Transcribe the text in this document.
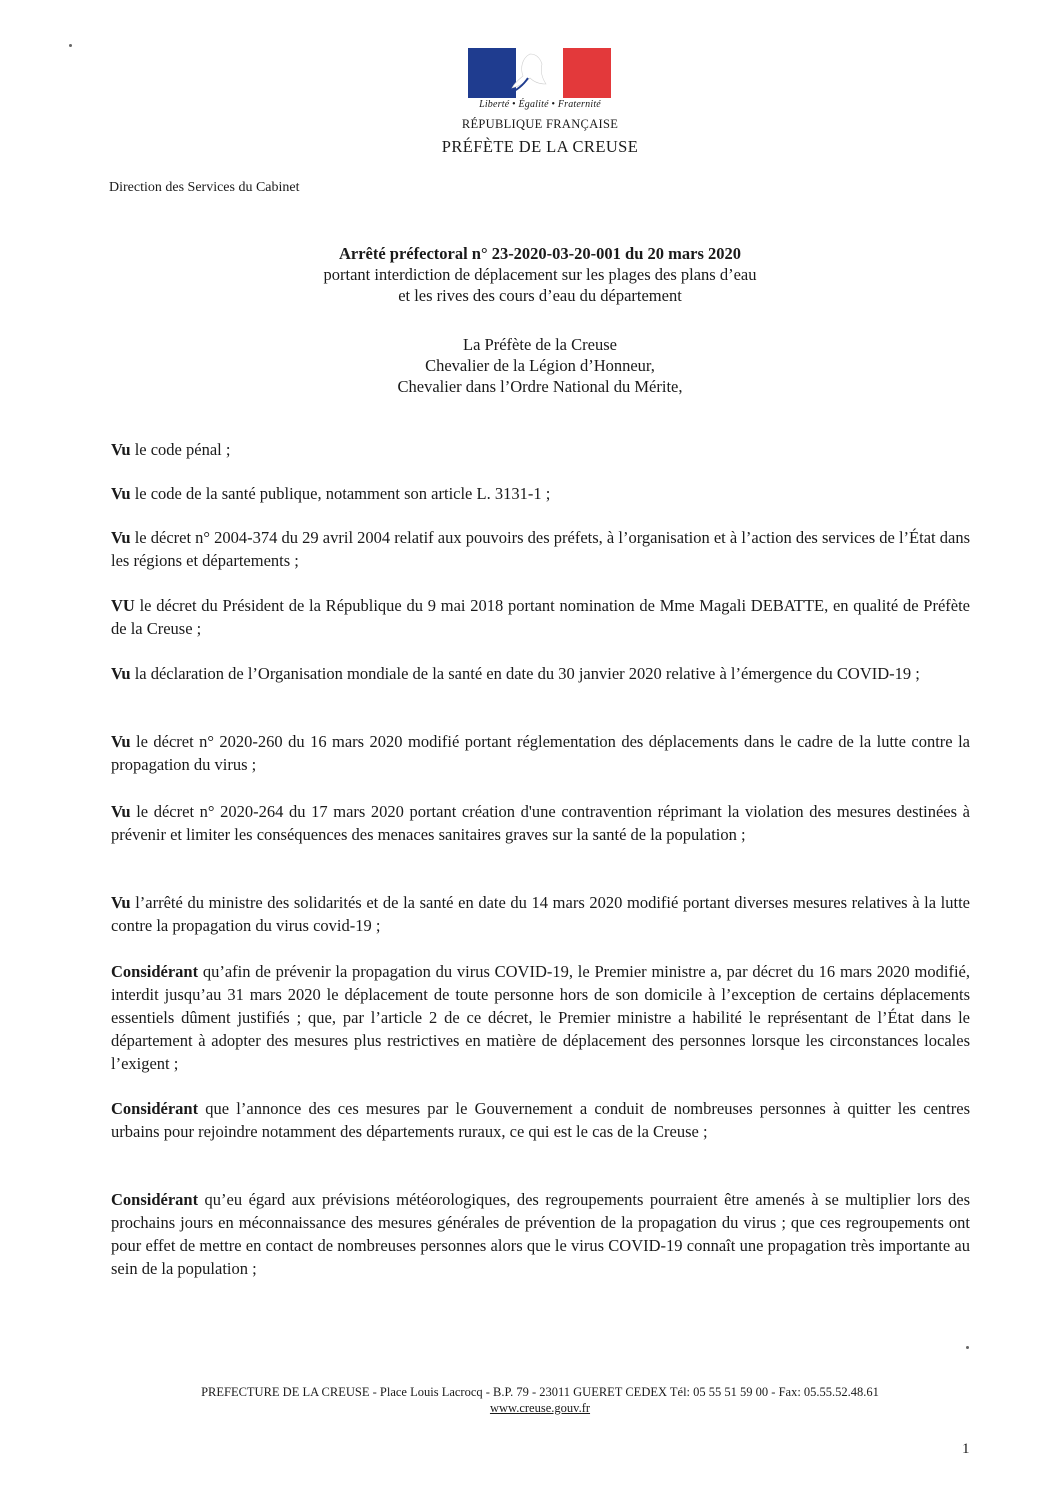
Liberté • Égalité • Fraternité
RÉPUBLIQUE FRANÇAISE
PRÉFÈTE DE LA CREUSE
Direction des Services du Cabinet
Arrêté préfectoral n° 23-2020-03-20-001 du 20 mars 2020
portant interdiction de déplacement sur les plages des plans d’eau
et les rives des cours d’eau du département
La Préfète de la Creuse
Chevalier de la Légion d’Honneur,
Chevalier dans l’Ordre National du Mérite,

Vu le code pénal ;

Vu le code de la santé publique, notamment son article L. 3131-1 ;

Vu le décret n° 2004-374 du 29 avril 2004 relatif aux pouvoirs des préfets, à l’organisation et à l’action des services de l’État dans les régions et départements ;

VU le décret du Président de la République du 9 mai 2018 portant nomination de Mme Magali DEBATTE, en qualité de Préfète de la Creuse ;

Vu la déclaration de l’Organisation mondiale de la santé en date du 30 janvier 2020 relative à l’émergence du COVID-19 ;

Vu le décret n° 2020-260 du 16 mars 2020 modifié portant réglementation des déplacements dans le cadre de la lutte contre la propagation du virus ;

Vu le décret n° 2020-264 du 17 mars 2020 portant création d'une contravention réprimant la violation des mesures destinées à prévenir et limiter les conséquences des menaces sanitaires graves sur la santé de la population ;

Vu l’arrêté du ministre des solidarités et de la santé en date du 14 mars 2020 modifié portant diverses mesures relatives à la lutte contre la propagation du virus covid-19 ;

Considérant qu’afin de prévenir la propagation du virus COVID-19, le Premier ministre a, par décret du 16 mars 2020 modifié, interdit jusqu’au 31 mars 2020 le déplacement de toute personne hors de son domicile à l’exception de certains déplacements essentiels dûment justifiés ; que, par l’article 2 de ce décret, le Premier ministre a habilité le représentant de l’État dans le département à adopter des mesures plus restrictives en matière de déplacement des personnes lorsque les circonstances locales l’exigent ;

Considérant que l’annonce des ces mesures par le Gouvernement a conduit de nombreuses personnes à quitter les centres urbains pour rejoindre notamment des départements ruraux, ce qui est le cas de la Creuse ;

Considérant qu’eu égard aux prévisions météorologiques, des regroupements pourraient être amenés à se multiplier lors des prochains jours en méconnaissance des mesures générales de prévention de la propagation du virus ; que ces regroupements ont pour effet de mettre en contact de nombreuses personnes alors que le virus COVID-19 connaît une propagation très importante au sein de la population ;

PREFECTURE DE LA CREUSE - Place Louis Lacrocq - B.P. 79 - 23011 GUERET CEDEX Tél: 05 55 51 59 00 - Fax: 05.55.52.48.61
www.creuse.gouv.fr
1
